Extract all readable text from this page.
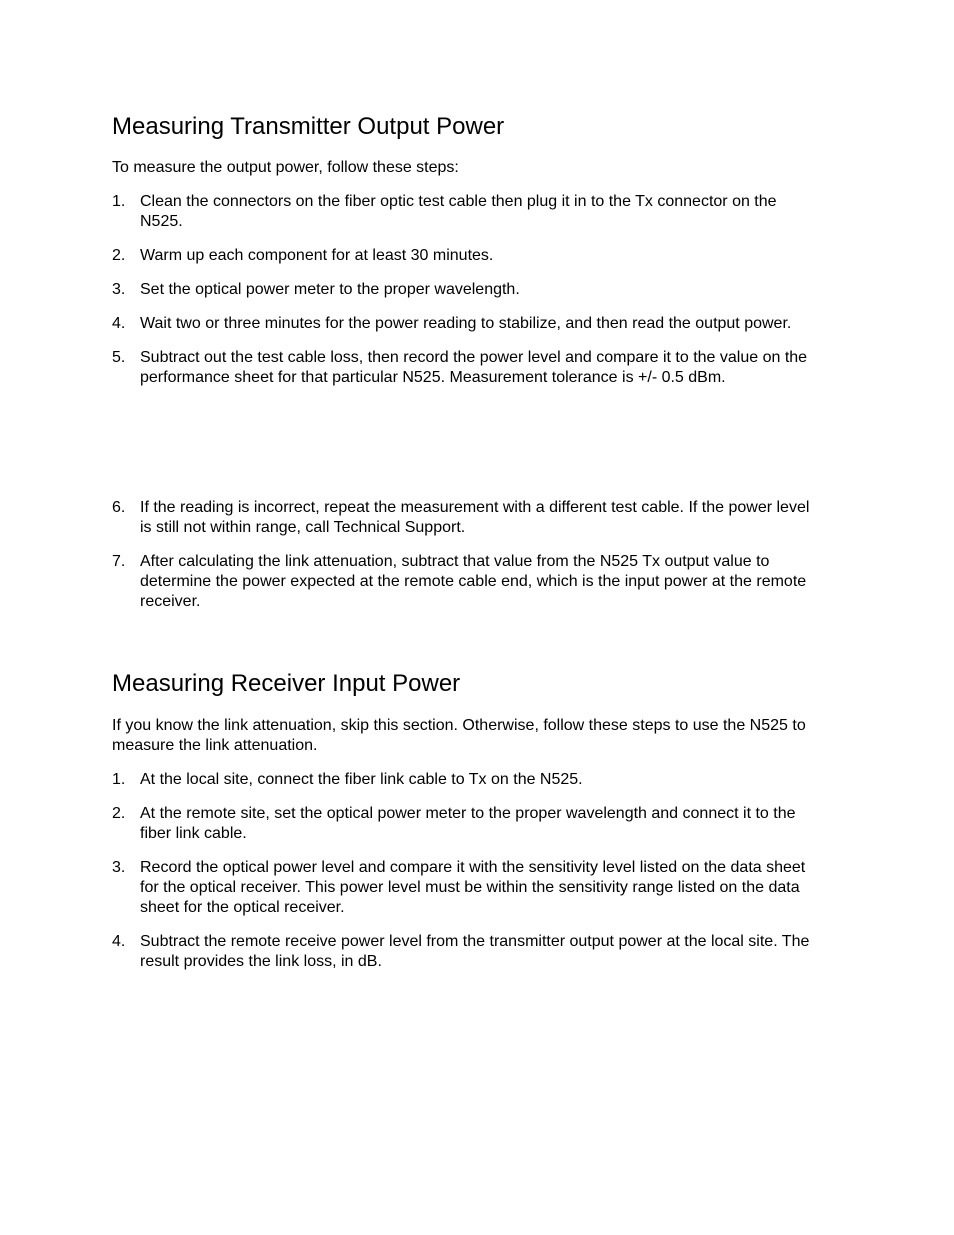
Measuring Transmitter Output Power

To measure the output power, follow these steps:

1. Clean the connectors on the fiber optic test cable then plug it in to the Tx connector on the N525.
2. Warm up each component for at least 30 minutes.
3. Set the optical power meter to the proper wavelength.
4. Wait two or three minutes for the power reading to stabilize, and then read the output power.
5. Subtract out the test cable loss, then record the power level and compare it to the value on the performance sheet for that particular N525. Measurement tolerance is +/- 0.5 dBm.
6. If the reading is incorrect, repeat the measurement with a different test cable. If the power level is still not within range, call Technical Support.
7. After calculating the link attenuation, subtract that value from the N525 Tx output value to determine the power expected at the remote cable end, which is the input power at the remote receiver.
Measuring Receiver Input Power

If you know the link attenuation, skip this section. Otherwise, follow these steps to use the N525 to measure the link attenuation.

1. At the local site, connect the fiber link cable to Tx on the N525.
2. At the remote site, set the optical power meter to the proper wavelength and connect it to the fiber link cable.
3. Record the optical power level and compare it with the sensitivity level listed on the data sheet for the optical receiver. This power level must be within the sensitivity range listed on the data sheet for the optical receiver.
4. Subtract the remote receive power level from the transmitter output power at the local site. The result provides the link loss, in dB.
